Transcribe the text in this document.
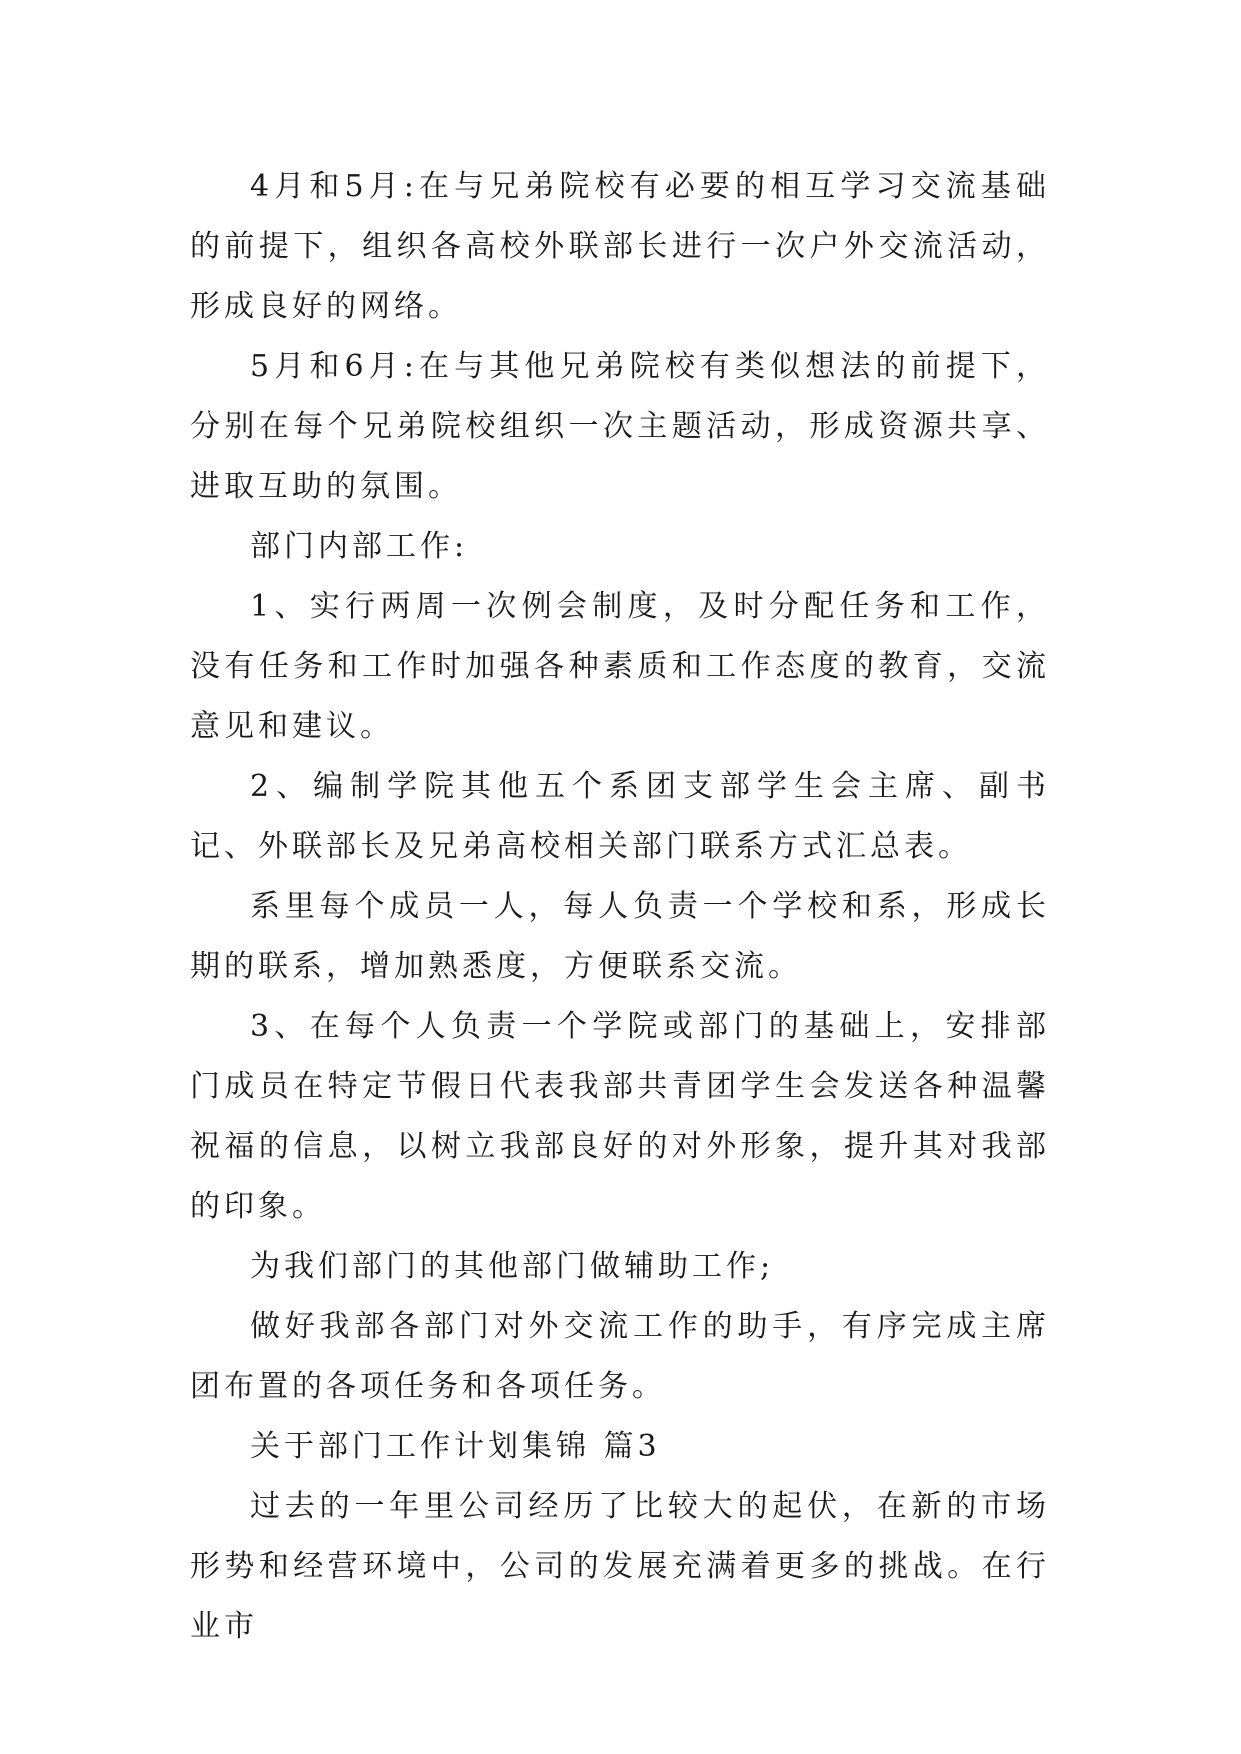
4月和5月:在与兄弟院校有必要的相互学习交流基础的前提下，组织各高校外联部长进行一次户外交流活动，形成良好的网络。

5月和6月:在与其他兄弟院校有类似想法的前提下，分别在每个兄弟院校组织一次主题活动，形成资源共享、进取互助的氛围。

部门内部工作:

1、实行两周一次例会制度，及时分配任务和工作，没有任务和工作时加强各种素质和工作态度的教育，交流意见和建议。

2、编制学院其他五个系团支部学生会主席、副书记、外联部长及兄弟高校相关部门联系方式汇总表。

系里每个成员一人，每人负责一个学校和系，形成长期的联系，增加熟悉度，方便联系交流。

3、在每个人负责一个学院或部门的基础上，安排部门成员在特定节假日代表我部共青团学生会发送各种温馨祝福的信息，以树立我部良好的对外形象，提升其对我部的印象。

为我们部门的其他部门做辅助工作;

做好我部各部门对外交流工作的助手，有序完成主席团布置的各项任务和各项任务。

关于部门工作计划集锦 篇3

过去的一年里公司经历了比较大的起伏，在新的市场形势和经营环境中，公司的发展充满着更多的挑战。在行业市
